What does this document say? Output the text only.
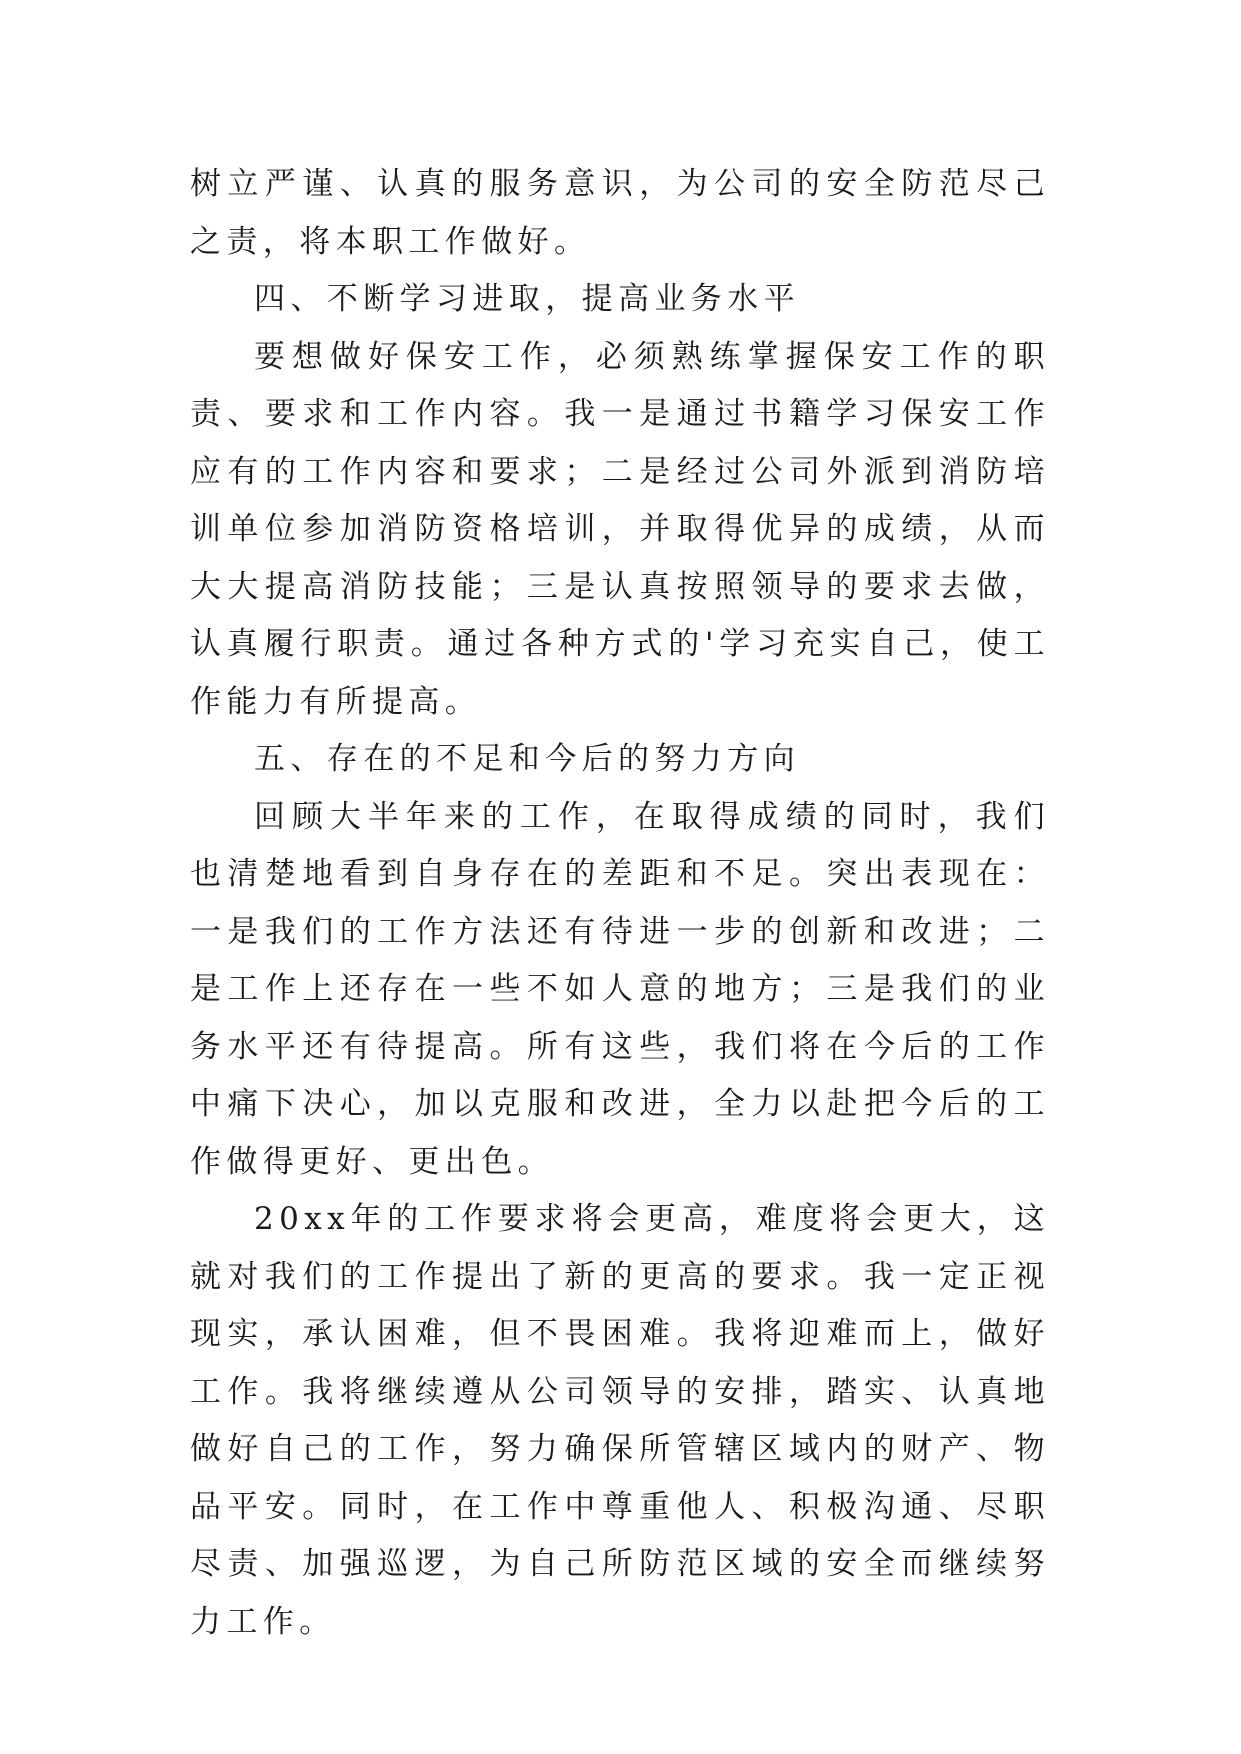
树立严谨、认真的服务意识，为公司的安全防范尽己之责，将本职工作做好。

四、不断学习进取，提高业务水平

要想做好保安工作，必须熟练掌握保安工作的职责、要求和工作内容。我一是通过书籍学习保安工作应有的工作内容和要求；二是经过公司外派到消防培训单位参加消防资格培训，并取得优异的成绩，从而大大提高消防技能；三是认真按照领导的要求去做，认真履行职责。通过各种方式的'学习充实自己，使工作能力有所提高。

五、存在的不足和今后的努力方向

回顾大半年来的工作，在取得成绩的同时，我们也清楚地看到自身存在的差距和不足。突出表现在：一是我们的工作方法还有待进一步的创新和改进；二是工作上还存在一些不如人意的地方；三是我们的业务水平还有待提高。所有这些，我们将在今后的工作中痛下决心，加以克服和改进，全力以赴把今后的工作做得更好、更出色。

20xx年的工作要求将会更高，难度将会更大，这就对我们的工作提出了新的更高的要求。我一定正视现实，承认困难，但不畏困难。我将迎难而上，做好工作。我将继续遵从公司领导的安排，踏实、认真地做好自己的工作，努力确保所管辖区域内的财产、物品平安。同时，在工作中尊重他人、积极沟通、尽职尽责、加强巡逻，为自己所防范区域的安全而继续努力工作。
